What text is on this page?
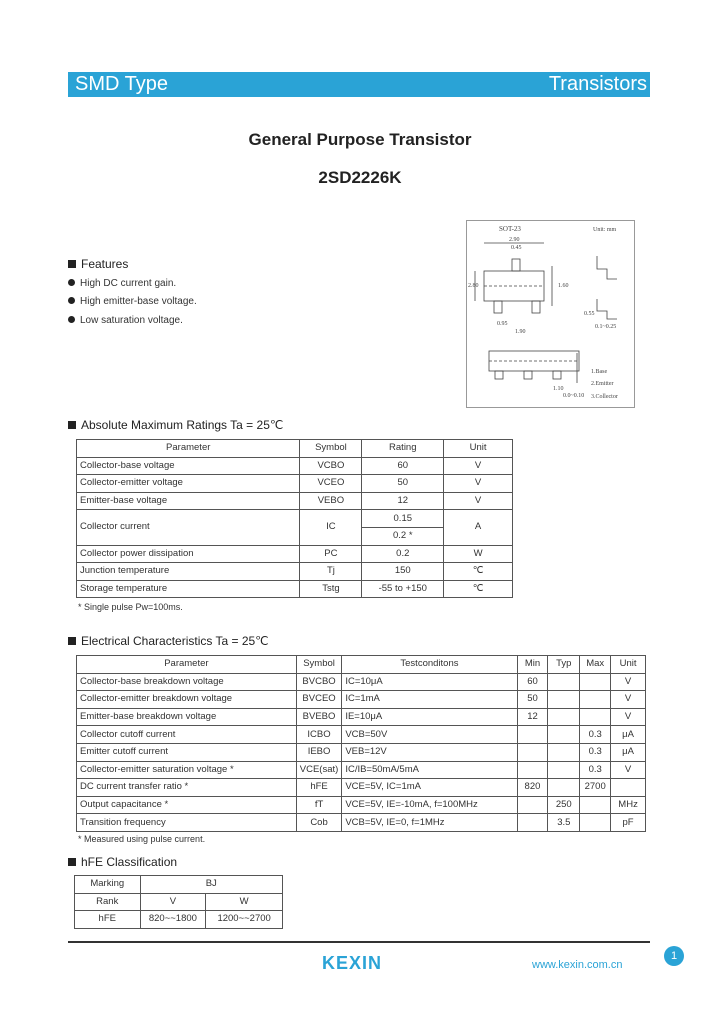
SMD Type	Transistors
General Purpose Transistor
2SD2226K
SOT-23	Unit: mm
2.90
0.45
2.80	1.60
0.95
1.90
0.55
0.1~0.25
1.10
0.0~0.10
1.Base
2.Emitter
3.Collector
Features
High DC current gain.
High emitter-base voltage.
Low saturation voltage.
Absolute Maximum Ratings Ta = 25℃
Parameter	Symbol	Rating	Unit
Collector-base voltage	VCBO	60	V
Collector-emitter voltage	VCEO	50	V
Emitter-base voltage	VEBO	12	V
Collector current	IC	0.15	A
		0.2 *	
Collector power dissipation	PC	0.2	W
Junction temperature	Tj	150	℃
Storage temperature	Tstg	-55 to +150	℃
* Single pulse Pw=100ms.
Electrical Characteristics Ta = 25℃
Parameter	Symbol	Testconditons	Min	Typ	Max	Unit
Collector-base breakdown voltage	BVCBO	IC=10μA	60			V
Collector-emitter breakdown voltage	BVCEO	IC=1mA	50			V
Emitter-base breakdown voltage	BVEBO	IE=10μA	12			V
Collector cutoff current	ICBO	VCB=50V			0.3	μA
Emitter cutoff current	IEBO	VEB=12V			0.3	μA
Collector-emitter saturation voltage *	VCE(sat)	IC/IB=50mA/5mA			0.3	V
DC current transfer ratio *	hFE	VCE=5V, IC=1mA	820		2700	
Output capacitance *	fT	VCE=5V, IE=-10mA, f=100MHz		250		MHz
Transition frequency	Cob	VCB=5V, IE=0, f=1MHz		3.5		pF
* Measured using pulse current.
hFE Classification
Marking	BJ	
Rank	V	W
hFE	820~~1800	1200~~2700
KEXIN	www.kexin.com.cn
1
